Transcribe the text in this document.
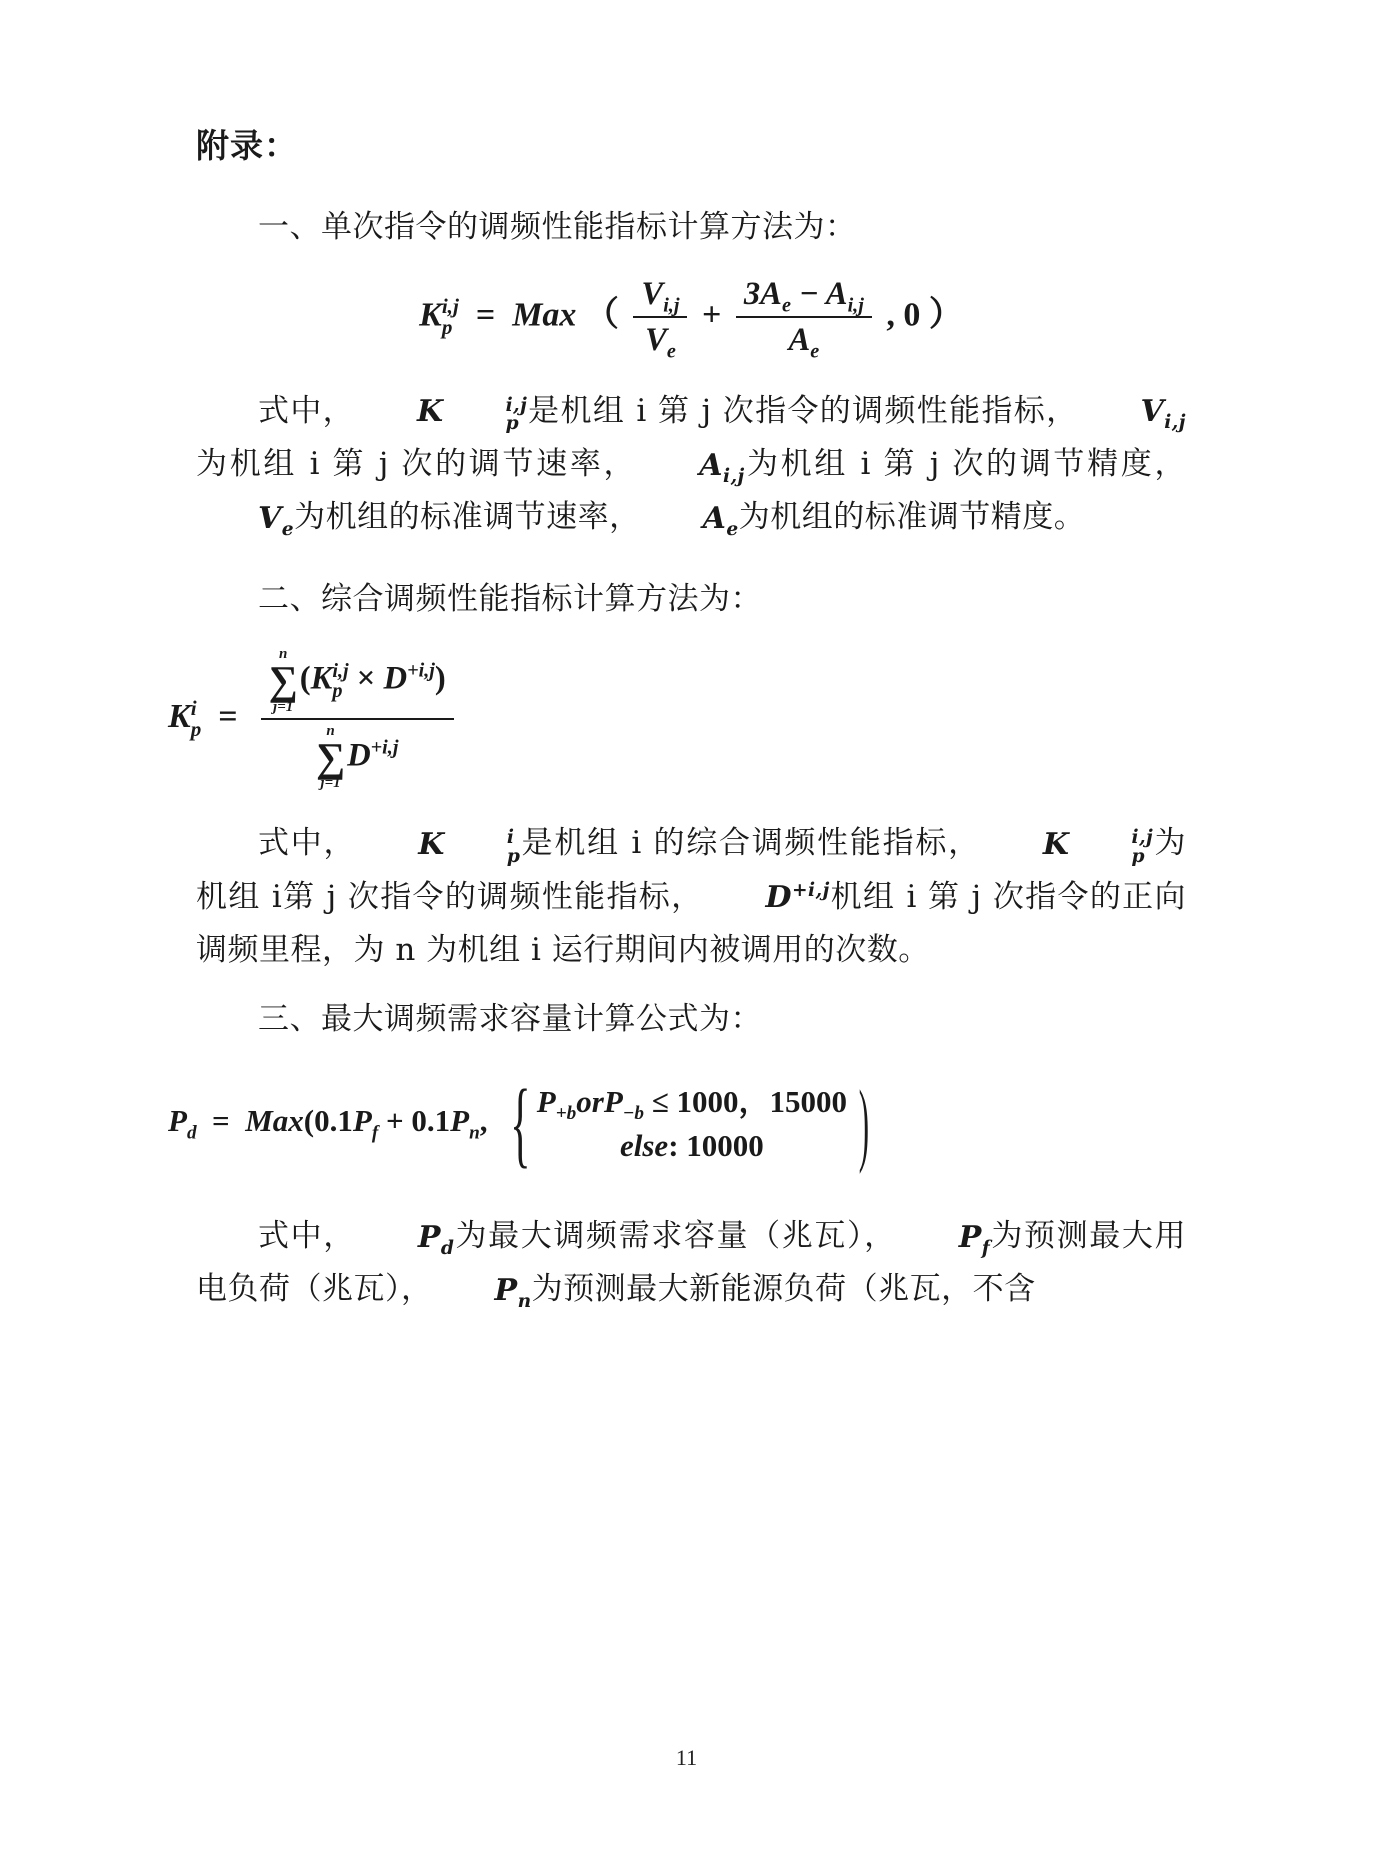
附录：

一、单次指令的调频性能指标计算方法为：

K i,j
p =  Max （ $\frac{V_{i,j}}{V_e} + \frac{3A_e - A_{i,j}}{A_e}$ , 0 ）

式中， K	i,j
p 是机组 i 第 j 次指令的调频性能指标， $V_{i,j}$为机组 i 第 j 次的调节速率， $A_{i,j}$为机组 i 第 j 次的调节精度，$V_e$为机组的标准调节速率， $A_e$为机组的标准调节精度。

二、综合调频性能指标计算方法为：

K i
p =
n
∑
j=1
(K i,j
$p \times D^{+i,j}$)
n
∑
j=1
$D^{+i,j}$

式中， K	i
p 是机组 i 的综合调频性能指标， K	i,j
p 为机组 i第 j 次指令的调频性能指标， $D^{+i,j}$机组 i 第 j 次指令的正向调频里程，为 n 为机组 i 运行期间内被调用的次数。

三、最大调频需求容量计算公式为：

$P_d = Max(0.1P_f + 0.1P_n$, { $P_{+b}orP_{-b} \le 1000$，15000
else: 10000	)

式中， $P_d$为最大调频需求容量（兆瓦）， $P_f$为预测最大用电负荷（兆瓦）， $P_n$为预测最大新能源负荷（兆瓦，不含

11
